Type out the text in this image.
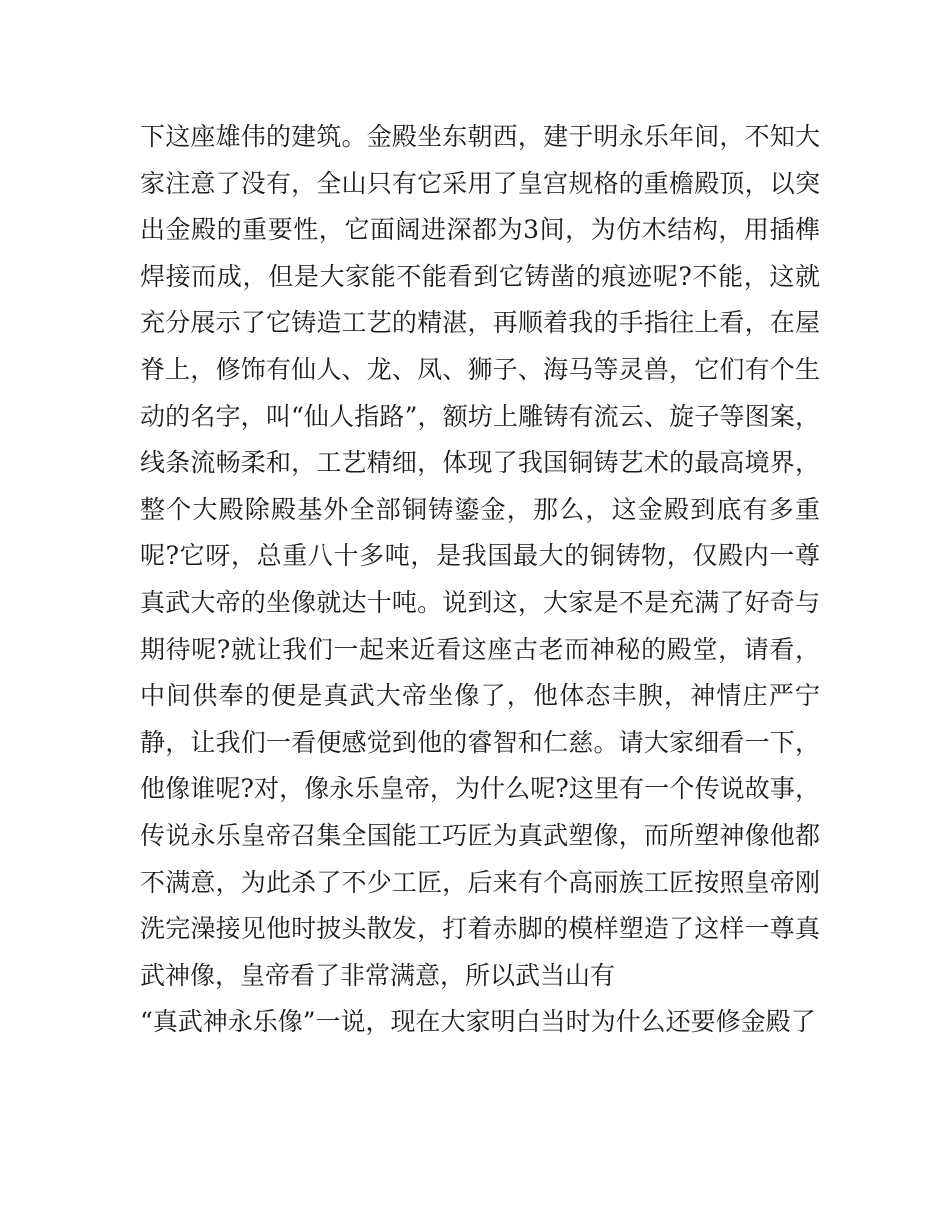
下这座雄伟的建筑。金殿坐东朝西，建于明永乐年间，不知大
家注意了没有，全山只有它采用了皇宫规格的重檐殿顶，以突
出金殿的重要性，它面阔进深都为3间，为仿木结构，用插榫
焊接而成，但是大家能不能看到它铸凿的痕迹呢?不能，这就
充分展示了它铸造工艺的精湛，再顺着我的手指往上看，在屋
脊上，修饰有仙人、龙、凤、狮子、海马等灵兽，它们有个生
动的名字，叫“仙人指路”，额坊上雕铸有流云、旋子等图案，
线条流畅柔和，工艺精细，体现了我国铜铸艺术的最高境界，
整个大殿除殿基外全部铜铸鎏金，那么，这金殿到底有多重
呢?它呀，总重八十多吨，是我国最大的铜铸物，仅殿内一尊
真武大帝的坐像就达十吨。说到这，大家是不是充满了好奇与
期待呢?就让我们一起来近看这座古老而神秘的殿堂，请看，
中间供奉的便是真武大帝坐像了，他体态丰腴，神情庄严宁
静，让我们一看便感觉到他的睿智和仁慈。请大家细看一下，
他像谁呢?对，像永乐皇帝，为什么呢?这里有一个传说故事，
传说永乐皇帝召集全国能工巧匠为真武塑像，而所塑神像他都
不满意，为此杀了不少工匠，后来有个高丽族工匠按照皇帝刚
洗完澡接见他时披头散发，打着赤脚的模样塑造了这样一尊真
武神像，皇帝看了非常满意，所以武当山有
“真武神永乐像”一说，现在大家明白当时为什么还要修金殿了
